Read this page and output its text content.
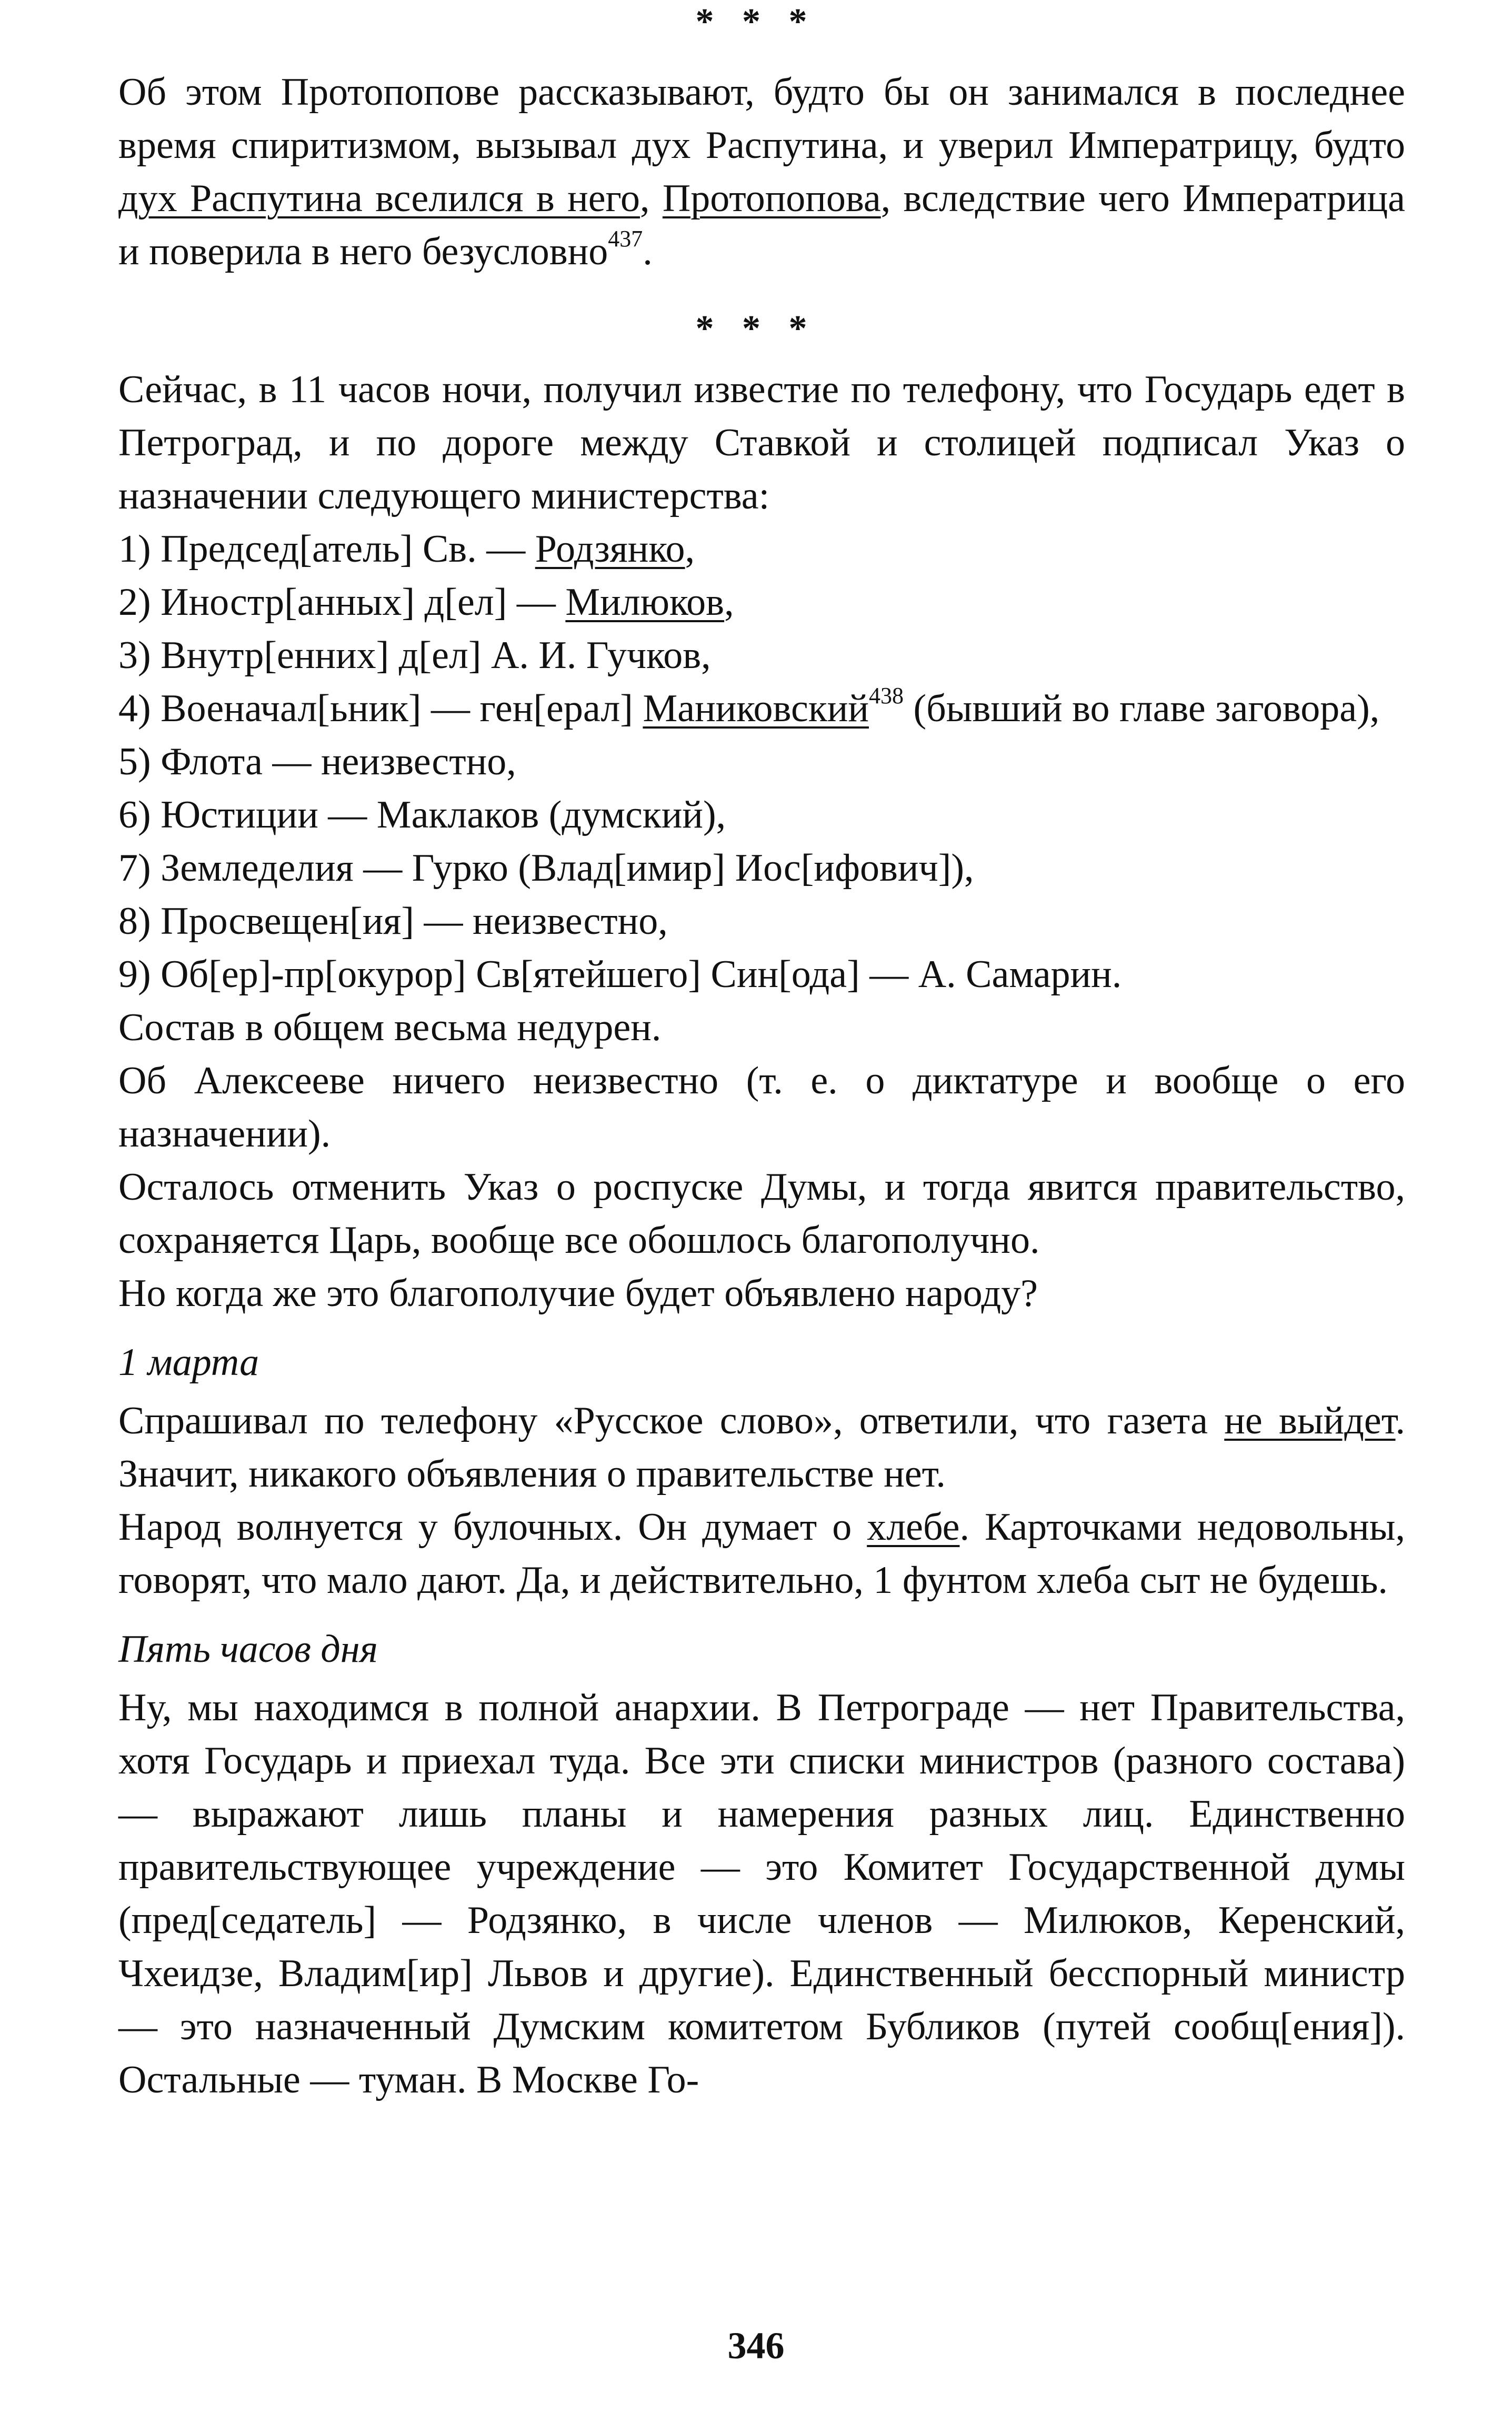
* * *

Об этом Протопопове рассказывают, будто бы он занимался в последнее время спиритизмом, вызывал дух Распутина, и уверил Императрицу, будто дух Распутина вселился в него, Протопопова, вследствие чего Императрица и поверила в него безусловно$^{437}$.

* * *

Сейчас, в 11 часов ночи, получил известие по телефону, что Государь едет в Петроград, и по дороге между Ставкой и столицей подписал Указ о назначении следующего министерства:

1) Председ[атель] Св. — Родзянко,

2) Иностр[анных] д[ел] — Милюков,

3) Внутр[енних] д[ел] А. И. Гучков,

4) Военачал[ьник] — ген[ерал] Маниковский$^{438}$ (бывший во главе заговора),

5) Флота — неизвестно,

6) Юстиции — Маклаков (думский),

7) Земледелия — Гурко (Влад[имир] Иос[ифович]),

8) Просвещен[ия] — неизвестно,

9) Об[ер]-пр[окурор] Св[ятейшего] Син[ода] — А. Самарин.

Состав в общем весьма недурен.

Об Алексееве ничего неизвестно (т. е. о диктатуре и вообще о его назначении).

Осталось отменить Указ о роспуске Думы, и тогда явится правительство, сохраняется Царь, вообще все обошлось благополучно.

Но когда же это благополучие будет объявлено народу?

1 марта

Спрашивал по телефону «Русское слово», ответили, что газета не выйдет. Значит, никакого объявления о правительстве нет.

Народ волнуется у булочных. Он думает о хлебе. Карточками недовольны, говорят, что мало дают. Да, и действительно, 1 фунтом хлеба сыт не будешь.

Пять часов дня

Ну, мы находимся в полной анархии. В Петрограде — нет Правительства, хотя Государь и приехал туда. Все эти списки министров (разного состава) — выражают лишь планы и намерения разных лиц. Единственно правительствующее учреждение — это Комитет Государственной думы (пред[седатель] — Родзянко, в числе членов — Милюков, Керенский, Чхеидзе, Владим[ир] Львов и другие). Единственный бесспорный министр — это назначенный Думским комитетом Бубликов (путей сообщ[ения]). Остальные — туман. В Москве Го-

346
